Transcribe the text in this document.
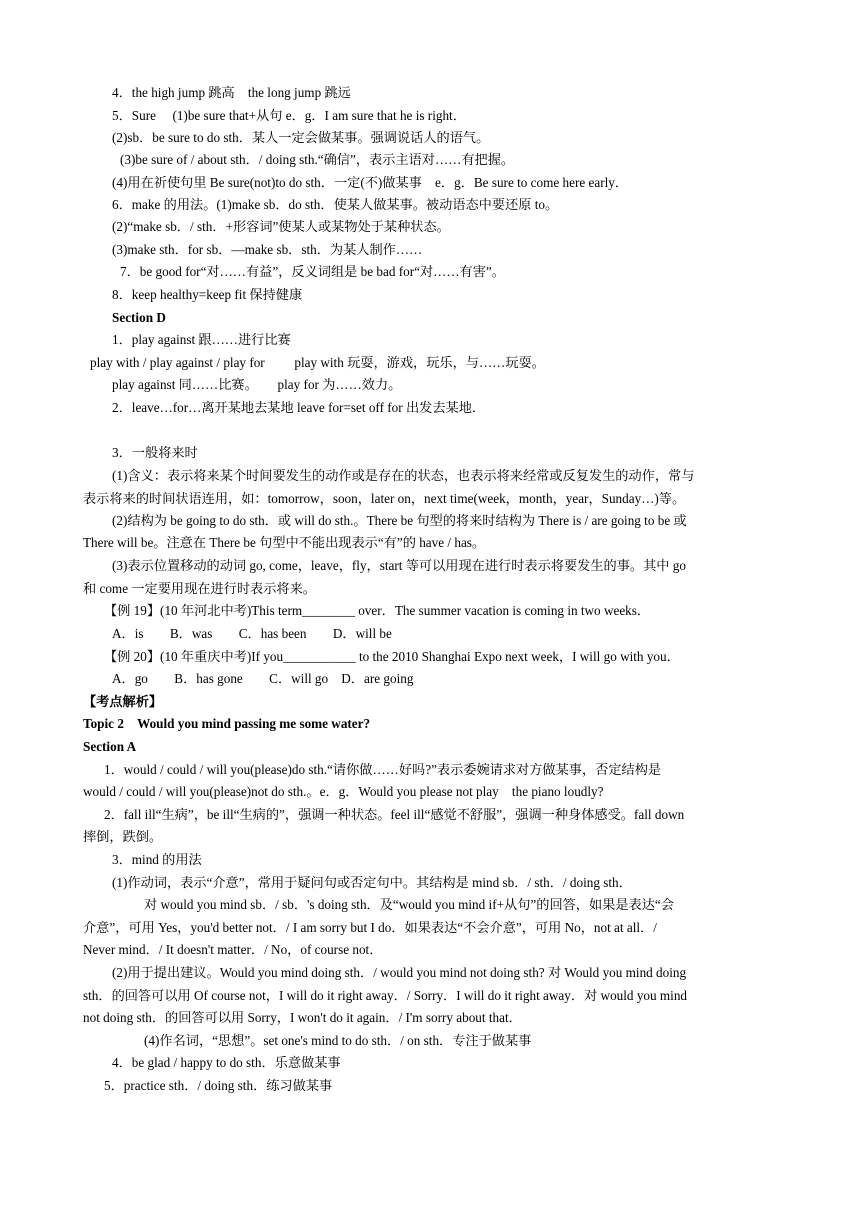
4．the high jump 跳高　the long jump 跳远
5．Sure　 (1)be sure that+从句 e．g．I am sure that he is right．
(2)sb．be sure to do sth．某人一定会做某事。强调说话人的语气。
(3)be sure of / about sth．/ doing sth.“确信”，表示主语对……有把握。
(4)用在祈使句里 Be sure(not)to do sth．一定(不)做某事　e．g．Be sure to come here early．
6．make 的用法。(1)make sb．do sth．使某人做某事。被动语态中要还原 to。
(2)“make sb．/ sth．+形容词”使某人或某物处于某种状态。
(3)make sth．for sb．—make sb．sth．为某人制作……
7．be good for“对……有益”，反义词组是 be bad for“对……有害”。
8．keep healthy=keep fit 保持健康
Section D
1．play against 跟……进行比赛
play with / play against / play for　　 play with 玩耍，游戏，玩乐，与……玩耍。
play against 同……比赛。　　play for 为……效力。
2．leave…for…离开某地去某地 leave for=set off for 出发去某地．
3．一般将来时
(1)含义：表示将来某个时间要发生的动作或是存在的状态，也表示将来经常或反复发生的动作，常与
表示将来的时间状语连用，如：tomorrow，soon，later on，next time(week，month，year，Sunday…)等。
(2)结构为 be going to do sth．或 will do sth.。There be 句型的将来时结构为 There is / are going to be 或
There will be。注意在 There be 句型中不能出现表示“有”的 have / has。
(3)表示位置移动的动词 go, come，leave，fly，start 等可以用现在进行时表示将要发生的事。其中 go
和 come 一定要用现在进行时表示将来。
【例 19】(10 年河北中考)This term________ over．The summer vacation is coming in two weeks．
A．is　　B．was　　C．has been　　D．will be
【例 20】(10 年重庆中考)If you___________ to the 2010 Shanghai Expo next week，I will go with you．
A．go　　B．has gone　　C．will go　D．are going
【考点解析】
Topic 2　Would you mind passing me some water?
Section A
1．would / could / will you(please)do sth.“请你做……好吗?”表示委婉请求对方做某事，否定结构是
would / could / will you(please)not do sth.。e．g．Would you please not play　the piano loudly?
2．fall ill“生病”，be ill“生病的”，强调一种状态。feel ill“感觉不舒服”，强调一种身体感受。fall down
摔倒，跌倒。
3．mind 的用法
(1)作动词，表示“介意”，常用于疑问句或否定句中。其结构是 mind sb．/ sth．/ doing sth．
对 would you mind sb．/ sb．'s doing sth．及“would you mind if+从句”的回答，如果是表达“会
介意”，可用 Yes，you'd better not．/ I am sorry but I do．如果表达“不会介意”，可用 No，not at all．/
Never mind．/ It doesn't matter．/ No，of course not．
(2)用于提出建议。Would you mind doing sth．/ would you mind not doing sth? 对 Would you mind doing
sth．的回答可以用 Of course not，I will do it right away．/ Sorry．I will do it right away．对 would you mind
not doing sth．的回答可以用 Sorry，I won't do it again．/ I'm sorry about that．
(4)作名词，“思想”。set one's mind to do sth．/ on sth．专注于做某事
4．be glad / happy to do sth．乐意做某事
5．practice sth．/ doing sth．练习做某事
